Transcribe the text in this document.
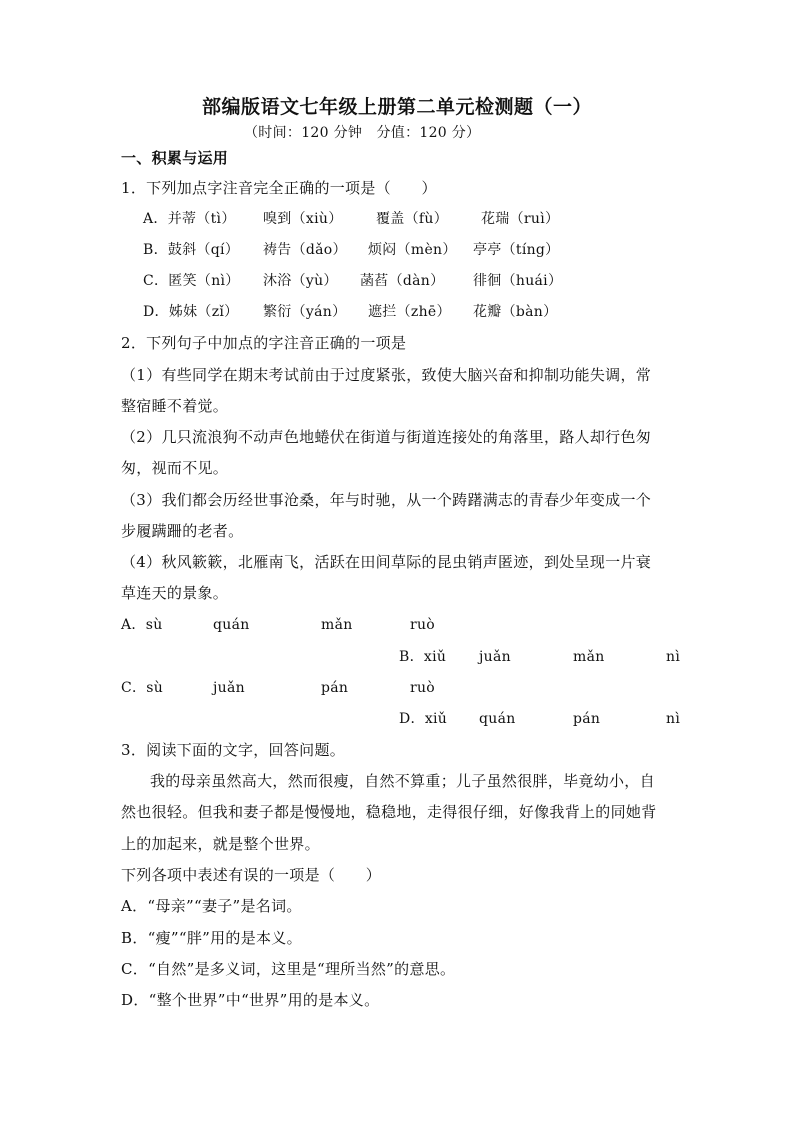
部编版语文七年级上册第二单元检测题（一）
（时间：120 分钟　分值：120 分）
一、积累与运用
1．下列加点字注音完全正确的一项是（　　）
A．并蒂（tì） 嗅到（xiù） 覆盖（fù） 花瑞（ruì）
B．鼓斜（qí） 祷告（dǎo） 烦闷（mèn） 亭亭（tíng）
C．匿笑（nì） 沐浴（yù） 菡萏（dàn） 徘徊（huái）
D．姊妹（zǐ） 繁衍（yán） 遮拦（zhē） 花瓣（bàn）
2．下列句子中加点的字注音正确的一项是
（1）有些同学在期末考试前由于过度紧张，致使大脑兴奋和抑制功能失调，常
整宿睡不着觉。
（2）几只流浪狗不动声色地蜷伏在街道与街道连接处的角落里，路人却行色匆
匆，视而不见。
（3）我们都会历经世事沧桑，年与时驰，从一个踌躇满志的青春少年变成一个
步履蹒跚的老者。
（4）秋风簌簌，北雁南飞，活跃在田间草际的昆虫销声匿迹，到处呈现一片衰
草连天的景象。
A．sù	quán	mǎn	ruò
B．xiǔ juǎn	mǎn	nì
C．sù	juǎn	pán	ruò
D．xiǔ quán	pán	nì
3．阅读下面的文字，回答问题。
我的母亲虽然高大，然而很瘦，自然不算重；儿子虽然很胖，毕竟幼小，自
然也很轻。但我和妻子都是慢慢地，稳稳地，走得很仔细，好像我背上的同她背
上的加起来，就是整个世界。
下列各项中表述有误的一项是（　　）
A．“母亲”“妻子”是名词。
B．“瘦”“胖”用的是本义。
C．“自然”是多义词，这里是“理所当然”的意思。
D．“整个世界”中“世界”用的是本义。
